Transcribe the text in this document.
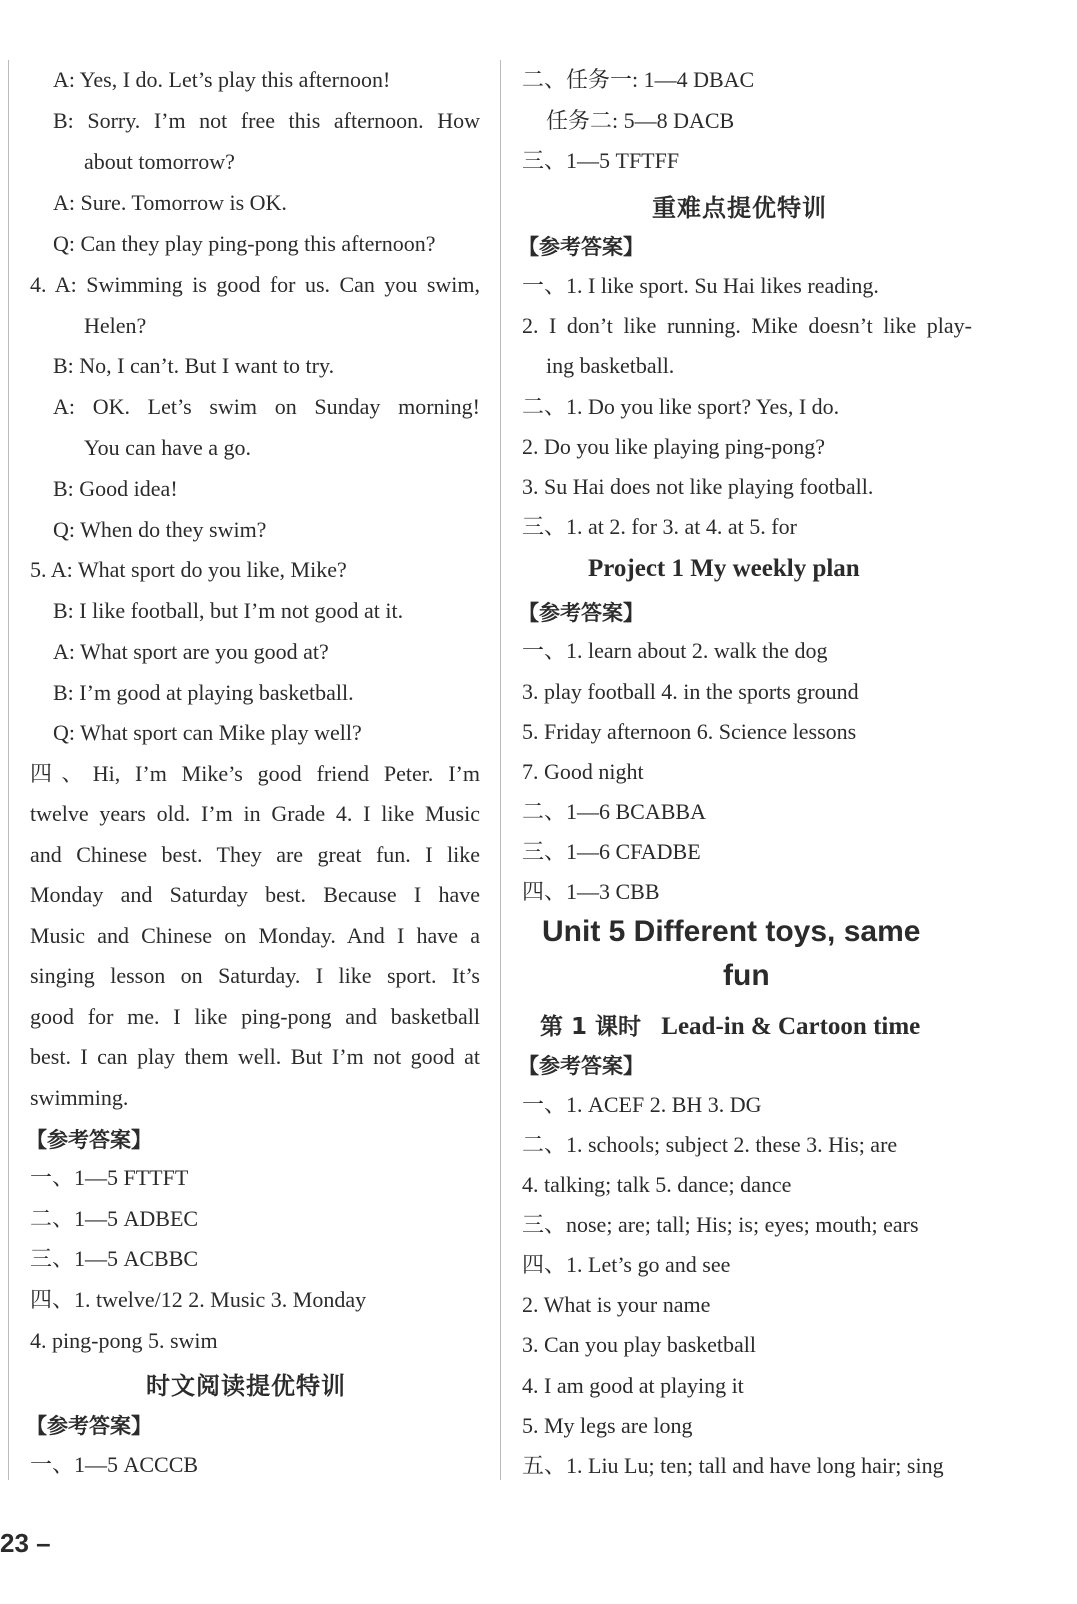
A: Yes, I do. Let’s play this afternoon!
B: Sorry. I’m not free this afternoon. How
about tomorrow?
A: Sure. Tomorrow is OK.
Q: Can they play ping-pong this afternoon?
4. A: Swimming is good for us. Can you swim,
Helen?
B: No, I can’t. But I want to try.
A: OK. Let’s swim on Sunday morning!
You can have a go.
B: Good idea!
Q: When do they swim?
5. A: What sport do you like, Mike?
B: I like football, but I’m not good at it.
A: What sport are you good at?
B: I’m good at playing basketball.
Q: What sport can Mike play well?
四、Hi, I’m Mike’s good friend Peter. I’m
twelve years old. I’m in Grade 4. I like Music
and Chinese best. They are great fun. I like
Monday and Saturday best. Because I have
Music and Chinese on Monday. And I have a
singing lesson on Saturday. I like sport. It’s
good for me. I like ping-pong and basketball
best. I can play them well. But I’m not good at
swimming.
【参考答案】
一、1—5 FTTFT
二、1—5 ADBEC
三、1—5 ACBBC
四、1. twelve/12 2. Music 3. Monday
4. ping-pong 5. swim
时文阅读提优特训
【参考答案】
一、1—5 ACCCB
二、任务一: 1—4 DBAC
任务二: 5—8 DACB
三、1—5 TFTFF
重难点提优特训
【参考答案】
一、1. I like sport. Su Hai likes reading.
2. I don’t like running. Mike doesn’t like play-
ing basketball.
二、1. Do you like sport? Yes, I do.
2. Do you like playing ping-pong?
3. Su Hai does not like playing football.
三、1. at 2. for 3. at 4. at 5. for
Project 1 My weekly plan
【参考答案】
一、1. learn about 2. walk the dog
3. play football 4. in the sports ground
5. Friday afternoon 6. Science lessons
7. Good night
二、1—6 BCABBA
三、1—6 CFADBE
四、1—3 CBB
Unit 5 Different toys, same
fun
第 1 课时 Lead-in & Cartoon time
【参考答案】
一、1. ACEF 2. BH 3. DG
二、1. schools; subject 2. these 3. His; are
4. talking; talk 5. dance; dance
三、nose; are; tall; His; is; eyes; mouth; ears
四、1. Let’s go and see
2. What is your name
3. Can you play basketball
4. I am good at playing it
5. My legs are long
五、1. Liu Lu; ten; tall and have long hair; sing
23 –
